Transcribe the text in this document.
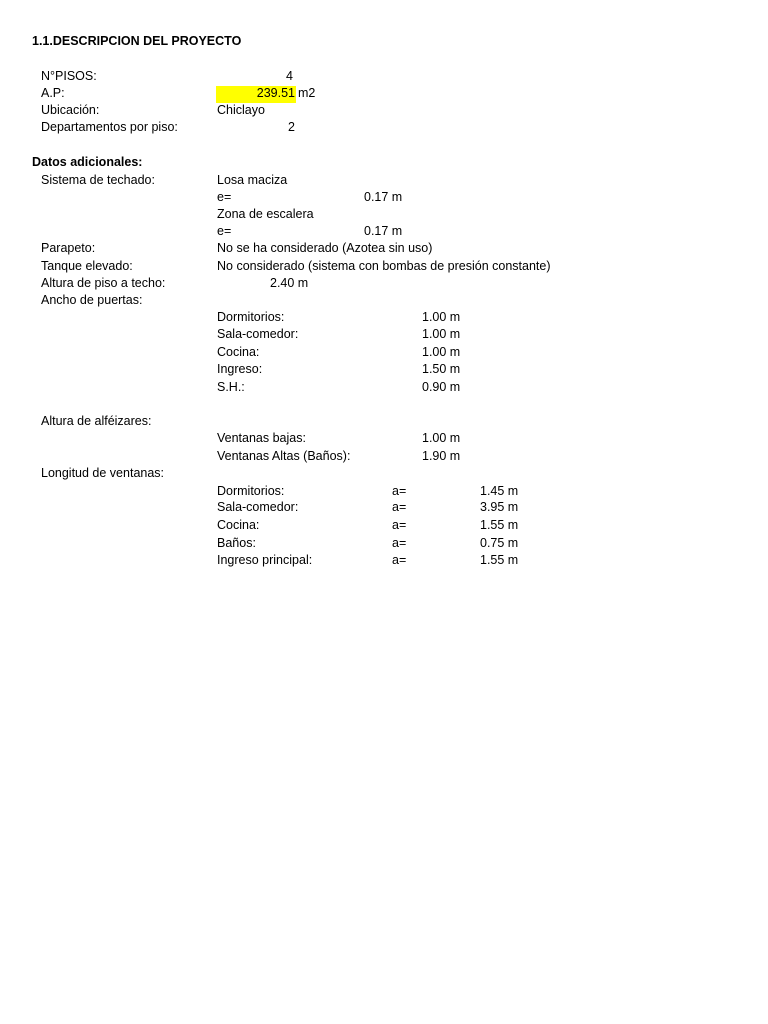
1.1.DESCRIPCION DEL PROYECTO
N°PISOS:	4
A.P:	239.51 m2
Ubicación:	Chiclayo
Departamentos por piso:	2
Datos adicionales:
Sistema de techado:	Losa maciza
e=	0.17 m
Zona de escalera
e=	0.17 m
Parapeto:	No se ha considerado (Azotea sin uso)
Tanque elevado:	No considerado (sistema con bombas de presión constante)
Altura de piso a techo:	2.40 m
Ancho de puertas:
Dormitorios:	1.00 m
Sala-comedor:	1.00 m
Cocina:	1.00 m
Ingreso:	1.50 m
S.H.:	0.90 m
Altura de alféizares:
Ventanas bajas:	1.00 m
Ventanas Altas (Baños):	1.90 m
Longitud de ventanas:
Dormitorios:	a=	1.45 m
Sala-comedor:	a=	3.95 m
Cocina:	a=	1.55 m
Baños:	a=	0.75 m
Ingreso principal:	a=	1.55 m
